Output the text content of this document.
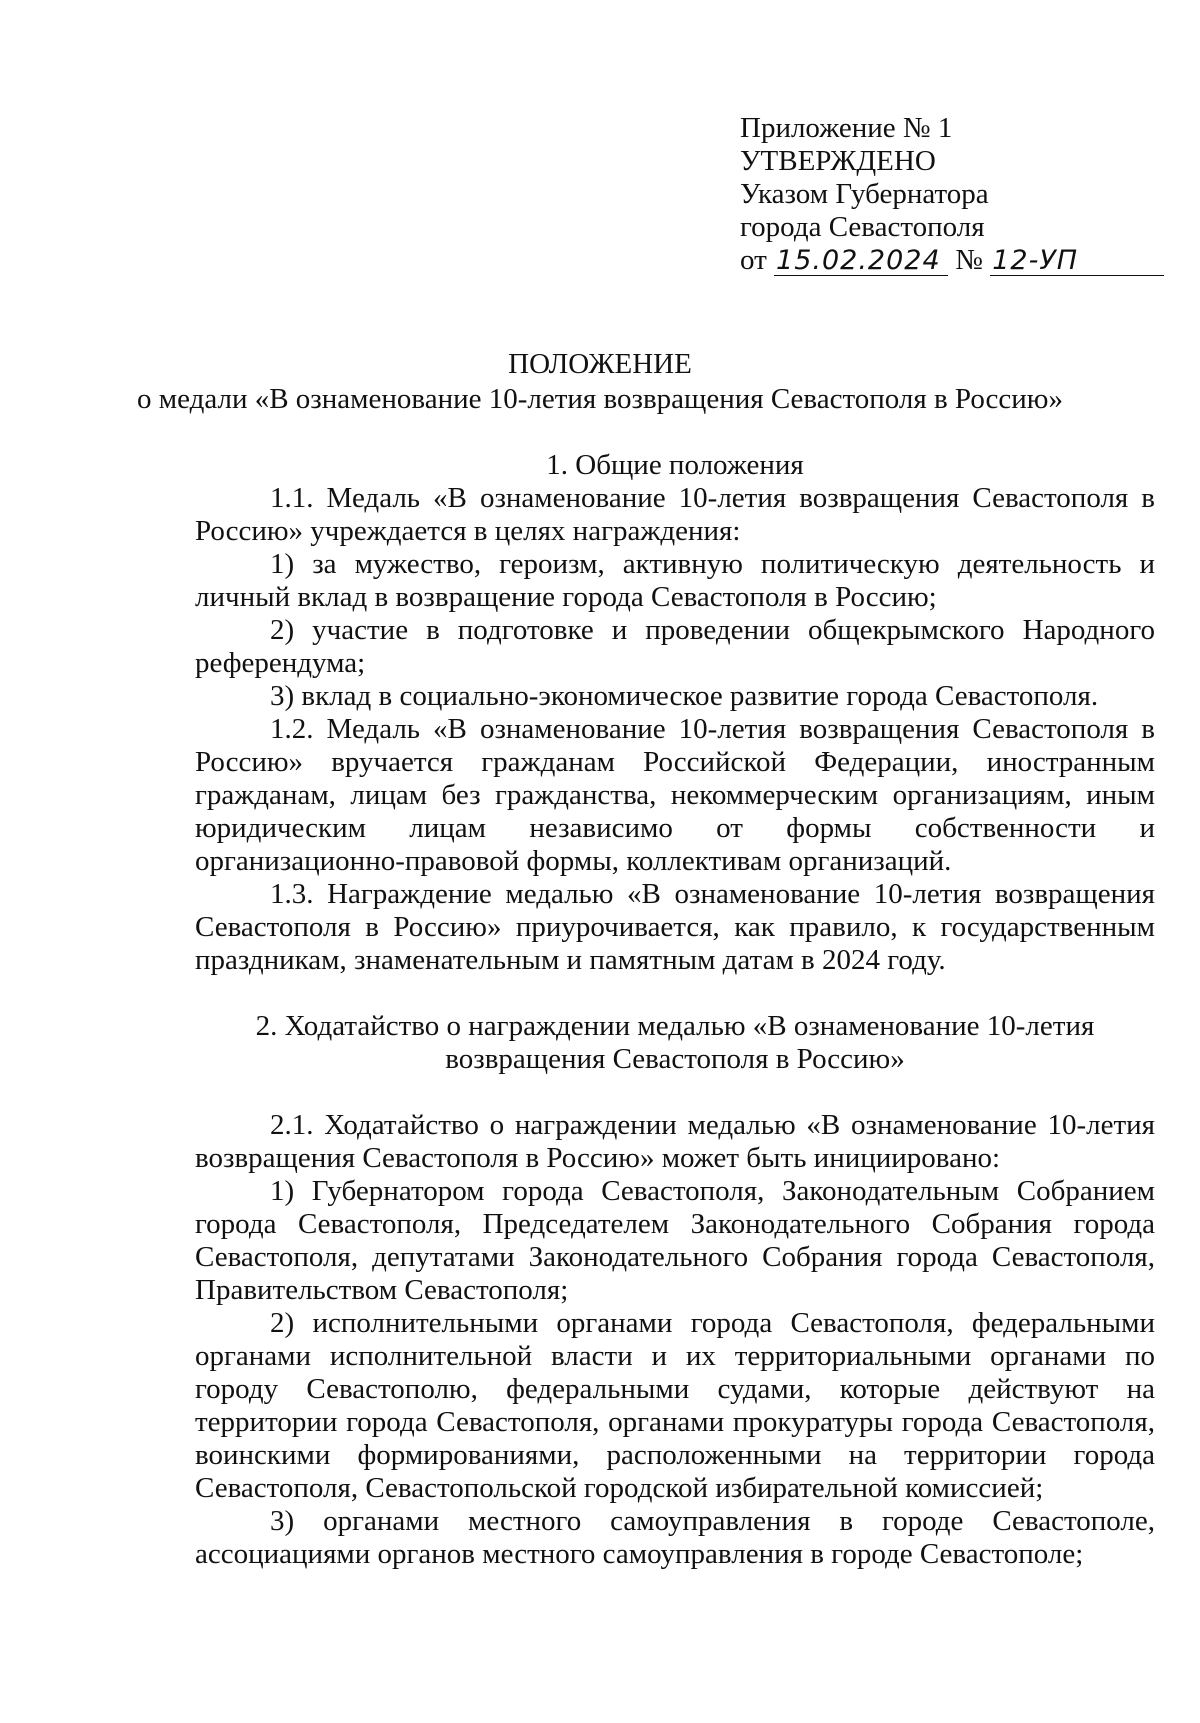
Приложение № 1
УТВЕРЖДЕНО
Указом Губернатора
города Севастополя
от 15.02.2024 № 12-УП
ПОЛОЖЕНИЕ
о медали «В ознаменование 10-летия возвращения Севастополя в Россию»
1. Общие положения

1.1. Медаль «В ознаменование 10-летия возвращения Севастополя в Россию» учреждается в целях награждения:

1) за мужество, героизм, активную политическую деятельность и личный вклад в возвращение города Севастополя в Россию;

2) участие в подготовке и проведении общекрымского Народного референдума;

3) вклад в социально-экономическое развитие города Севастополя.

1.2. Медаль «В ознаменование 10-летия возвращения Севастополя в Россию» вручается гражданам Российской Федерации, иностранным гражданам, лицам без гражданства, некоммерческим организациям, иным юридическим лицам независимо от формы собственности и организационно-правовой формы, коллективам организаций.

1.3. Награждение медалью «В ознаменование 10-летия возвращения Севастополя в Россию» приурочивается, как правило, к государственным праздникам, знаменательным и памятным датам в 2024 году.

2. Ходатайство о награждении медалью «В ознаменование 10-летия
возвращения Севастополя в Россию»

2.1. Ходатайство о награждении медалью «В ознаменование 10-летия возвращения Севастополя в Россию» может быть инициировано:

1) Губернатором города Севастополя, Законодательным Собранием города Севастополя, Председателем Законодательного Собрания города Севастополя, депутатами Законодательного Собрания города Севастополя, Правительством Севастополя;

2) исполнительными органами города Севастополя, федеральными органами исполнительной власти и их территориальными органами по городу Севастополю, федеральными судами, которые действуют на территории города Севастополя, органами прокуратуры города Севастополя, воинскими формированиями, расположенными на территории города Севастополя, Севастопольской городской избирательной комиссией;

3) органами местного самоуправления в городе Севастополе, ассоциациями органов местного самоуправления в городе Севастополе;
